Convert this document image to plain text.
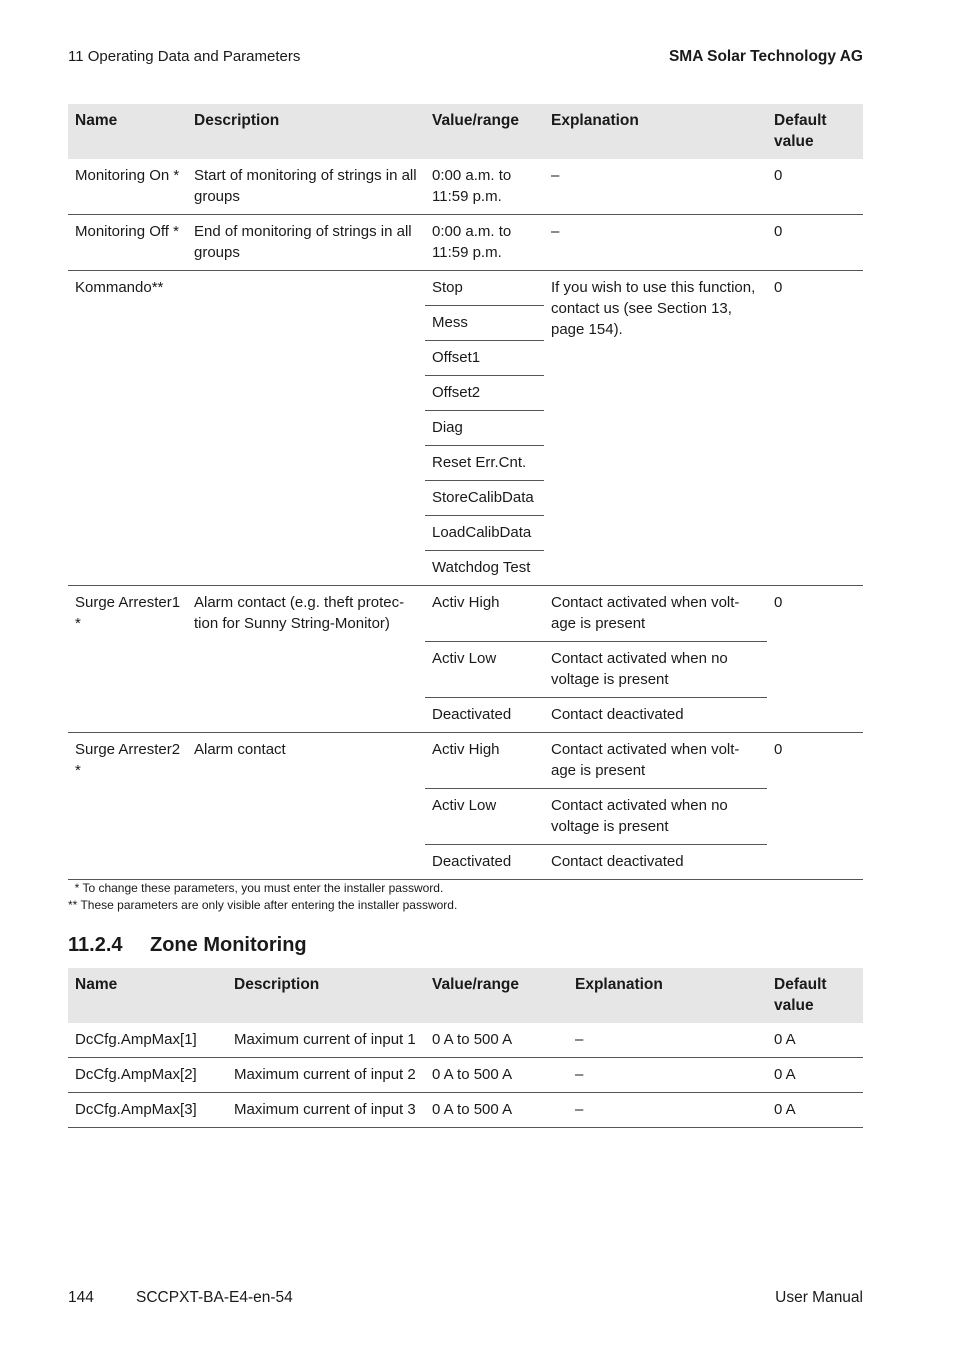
11 Operating Data and Parameters	SMA Solar Technology AG
Name	Description	Value/range	Explanation	Default value
Monitoring On *	Start of monitoring of strings in all groups	0:00 a.m. to 11:59 p.m.	–	0
Monitoring Off *	End of monitoring of strings in all groups	0:00 a.m. to 11:59 p.m.	–	0
Kommando**		Stop	If you wish to use this function, contact us (see Section 13, page 154).	0
		Mess		
		Offset1		
		Offset2		
		Diag		
		Reset Err.Cnt.		
		StoreCalibData		
		LoadCalibData		
		Watchdog Test		
Surge Arrester1 *	Alarm contact (e.g. theft protec-tion for Sunny String-Monitor)	Activ High	Contact activated when volt-age is present	0
		Activ Low	Contact activated when no voltage is present	
		Deactivated	Contact deactivated	
Surge Arrester2 *	Alarm contact	Activ High	Contact activated when volt-age is present	0
		Activ Low	Contact activated when no voltage is present	
		Deactivated	Contact deactivated	
* To change these parameters, you must enter the installer password.
** These parameters are only visible after entering the installer password.
11.2.4 Zone Monitoring
Name	Description	Value/range	Explanation	Default value
DcCfg.AmpMax[1]	Maximum current of input 1	0 A to 500 A	–	0 A
DcCfg.AmpMax[2]	Maximum current of input 2	0 A to 500 A	–	0 A
DcCfg.AmpMax[3]	Maximum current of input 3	0 A to 500 A	–	0 A
144	SCCPXT-BA-E4-en-54	User Manual
